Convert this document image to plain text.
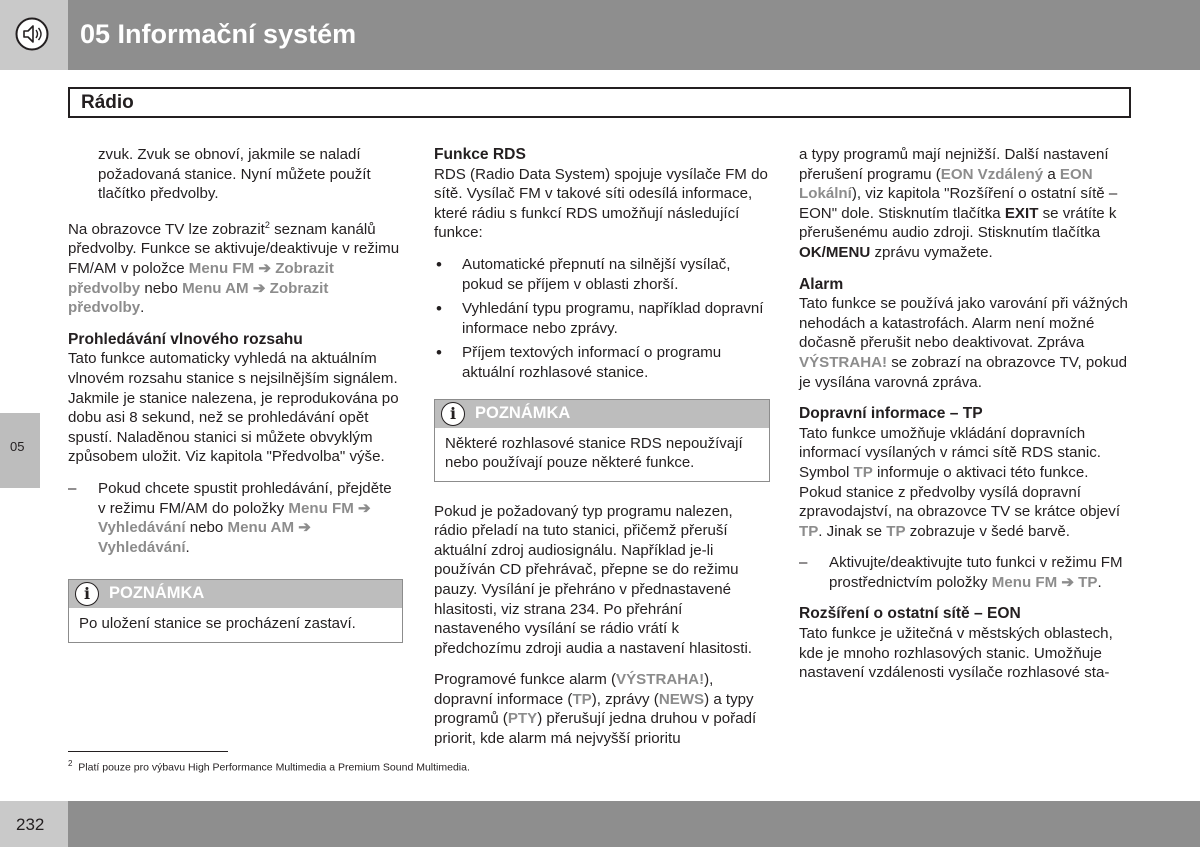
05 Informační systém
Rádio
05

zvuk. Zvuk se obnoví, jakmile se naladí požadovaná stanice. Nyní můžete použít tlačítko předvolby.

Na obrazovce TV lze zobrazit$^2$ seznam kanálů předvolby. Funkce se aktivuje/deaktivuje v režimu FM/AM v položce Menu FM ➔ Zobrazit předvolby nebo Menu AM ➔ Zobrazit předvolby.

Prohledávání vlnového rozsahu

Tato funkce automaticky vyhledá na aktuálním vlnovém rozsahu stanice s nejsilnějším signálem. Jakmile je stanice nalezena, je reprodukována po dobu asi 8 sekund, než se prohledávání opět spustí. Naladěnou stanici si můžete obvyklým způsobem uložit. Viz kapitola "Předvolba" výše.

– Pokud chcete spustit prohledávání, přejděte v režimu FM/AM do položky Menu FM ➔ Vyhledávání nebo Menu AM ➔ Vyhledávání.

i	POZNÁMKA
Po uložení stanice se procházení zastaví.
Funkce RDS

RDS (Radio Data System) spojuje vysílače FM do sítě. Vysílač FM v takové síti odesílá informace, které rádiu s funkcí RDS umožňují následující funkce:

• Automatické přepnutí na silnější vysílač, pokud se příjem v oblasti zhorší.
• Vyhledání typu programu, například dopravní informace nebo zprávy.
• Příjem textových informací o programu aktuální rozhlasové stanice.
i	POZNÁMKA
Některé rozhlasové stanice RDS nepoužívají nebo používají pouze některé funkce.

Pokud je požadovaný typ programu nalezen, rádio přeladí na tuto stanici, přičemž přeruší aktuální zdroj audiosignálu. Například je-li používán CD přehrávač, přepne se do režimu pauzy. Vysílání je přehráno v přednastavené hlasitosti, viz strana 234. Po přehrání nastaveného vysílání se rádio vrátí k předchozímu zdroji audia a nastavení hlasitosti.

Programové funkce alarm (VÝSTRAHA!), dopravní informace (TP), zprávy (NEWS) a typy programů (PTY) přerušují jedna druhou v pořadí priorit, kde alarm má nejvyšší prioritu

a typy programů mají nejnižší. Další nastavení přerušení programu (EON Vzdálený a EON Lokální), viz kapitola "Rozšíření o ostatní sítě – EON" dole. Stisknutím tlačítka EXIT se vrátíte k přerušenému audio zdroji. Stisknutím tlačítka OK/MENU zprávu vymažete.

Alarm

Tato funkce se používá jako varování při vážných nehodách a katastrofách. Alarm není možné dočasně přerušit nebo deaktivovat. Zpráva VÝSTRAHA! se zobrazí na obrazovce TV, pokud je vysílána varovná zpráva.

Dopravní informace – TP

Tato funkce umožňuje vkládání dopravních informací vysílaných v rámci sítě RDS stanic. Symbol TP informuje o aktivaci této funkce. Pokud stanice z předvolby vysílá dopravní zpravodajství, na obrazovce TV se krátce objeví TP. Jinak se TP zobrazuje v šedé barvě.

– Aktivujte/deaktivujte tuto funkci v režimu FM prostřednictvím položky Menu FM ➔ TP.

Rozšíření o ostatní sítě – EON

Tato funkce je užitečná v městských oblastech, kde je mnoho rozhlasových stanic. Umožňuje nastavení vzdálenosti vysílače rozhlasové sta-

$^2$ Platí pouze pro výbavu High Performance Multimedia a Premium Sound Multimedia.
232
